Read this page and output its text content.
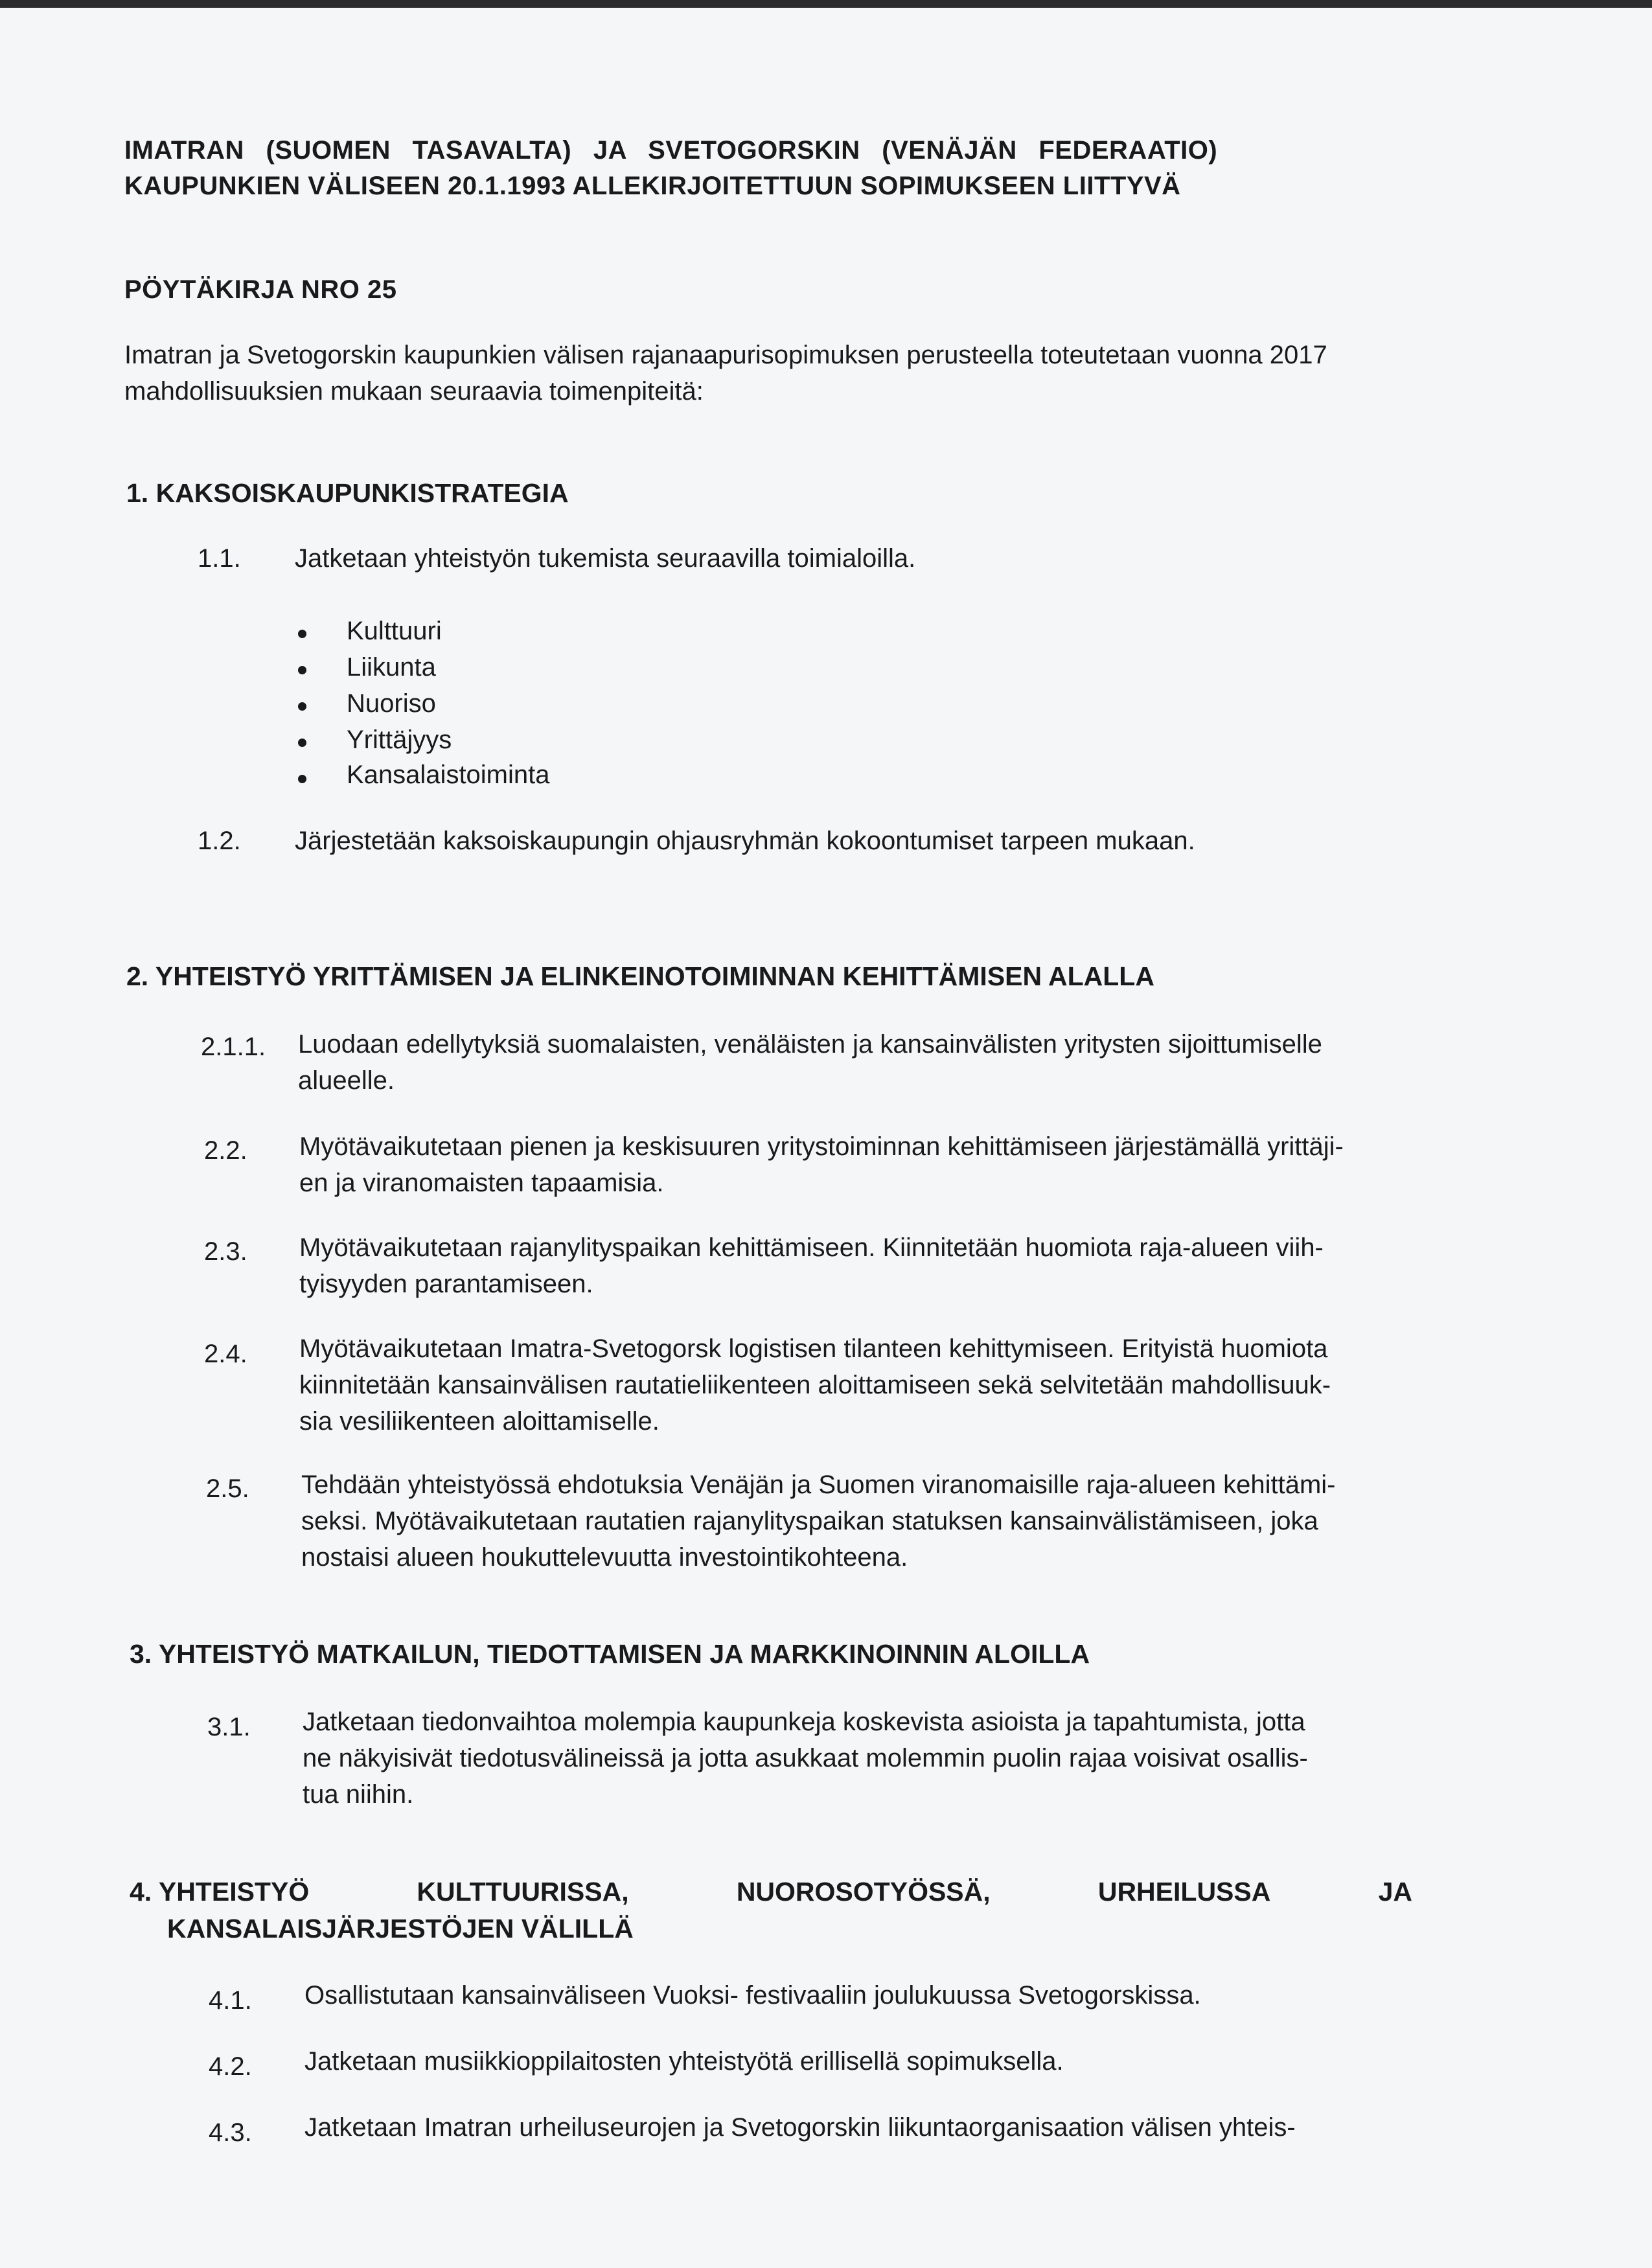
IMATRAN (SUOMEN TASAVALTA) JA SVETOGORSKIN (VENÄJÄN FEDERAATIO)
KAUPUNKIEN VÄLISEEN 20.1.1993 ALLEKIRJOITETTUUN SOPIMUKSEEN LIITTYVÄ
PÖYTÄKIRJA NRO 25
Imatran ja Svetogorskin kaupunkien välisen rajanaapurisopimuksen perusteella toteutetaan vuonna 2017
mahdollisuuksien mukaan seuraavia toimenpiteitä:
1. KAKSOISKAUPUNKISTRATEGIA
1.1. Jatketaan yhteistyön tukemista seuraavilla toimialoilla.
Kulttuuri
Liikunta
Nuoriso
Yrittäjyys
Kansalaistoiminta
1.2. Järjestetään kaksoiskaupungin ohjausryhmän kokoontumiset tarpeen mukaan.
2. YHTEISTYÖ YRITTÄMISEN JA ELINKEINOTOIMINNAN KEHITTÄMISEN ALALLA
2.1.1. Luodaan edellytyksiä suomalaisten, venäläisten ja kansainvälisten yritysten sijoittumiselle
alueelle.
2.2. Myötävaikutetaan pienen ja keskisuuren yritystoiminnan kehittämiseen järjestämällä yrittäji-
en ja viranomaisten tapaamisia.
2.3. Myötävaikutetaan rajanylityspaikan kehittämiseen. Kiinnitetään huomiota raja-alueen viih-
tyisyyden parantamiseen.
2.4. Myötävaikutetaan Imatra-Svetogorsk logistisen tilanteen kehittymiseen. Erityistä huomiota
kiinnitetään kansainvälisen rautatieliikenteen aloittamiseen sekä selvitetään mahdollisuuk-
sia vesiliikenteen aloittamiselle.
2.5. Tehdään yhteistyössä ehdotuksia Venäjän ja Suomen viranomaisille raja-alueen kehittämi-
seksi. Myötävaikutetaan rautatien rajanylityspaikan statuksen kansainvälistämiseen, joka
nostaisi alueen houkuttelevuutta investointikohteena.
3. YHTEISTYÖ MATKAILUN, TIEDOTTAMISEN JA MARKKINOINNIN ALOILLA
3.1. Jatketaan tiedonvaihtoa molempia kaupunkeja koskevista asioista ja tapahtumista, jotta
ne näkyisivät tiedotusvälineissä ja jotta asukkaat molemmin puolin rajaa voisivat osallis-
tua niihin.
4. YHTEISTYÖ	KULTTUURISSA,	NUOROSOTYÖSSÄ,	URHEILUSSA	JA
KANSALAISJÄRJESTÖJEN VÄLILLÄ
4.1. Osallistutaan kansainväliseen Vuoksi- festivaaliin joulukuussa Svetogorskissa.
4.2. Jatketaan musiikkioppilaitosten yhteistyötä erillisellä sopimuksella.
4.3. Jatketaan Imatran urheiluseurojen ja Svetogorskin liikuntaorganisaation välisen yhteis-
